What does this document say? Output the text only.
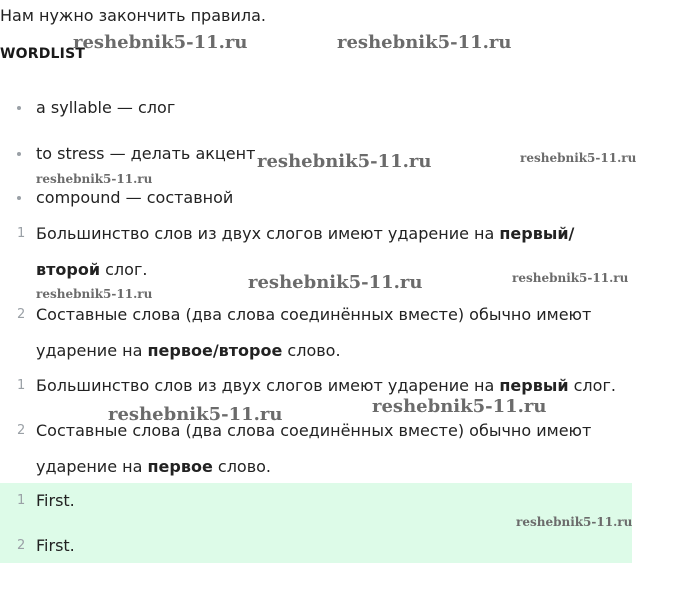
Нам нужно закончить правила.
WORDLIST
a syllable — слог
to stress — делать акцент
compound — составной
1 Большинство слов из двух слогов имеют ударение на первый/второй слог.
2 Составные слова (два слова соединённых вместе) обычно имеют ударение на первое/второе слово.
1 Большинство слов из двух слогов имеют ударение на первый слог.
2 Составные слова (два слова соединённых вместе) обычно имеют ударение на первое слово.
1 First.
2 First.
reshebnik5-11.ru	reshebnik5-11.ru
reshebnik5-11.ru	reshebnik5-11.ru
reshebnik5-11.ru
reshebnik5-11.ru	reshebnik5-11.ru
reshebnik5-11.ru
reshebnik5-11.ru	reshebnik5-11.ru
reshebnik5-11.ru
